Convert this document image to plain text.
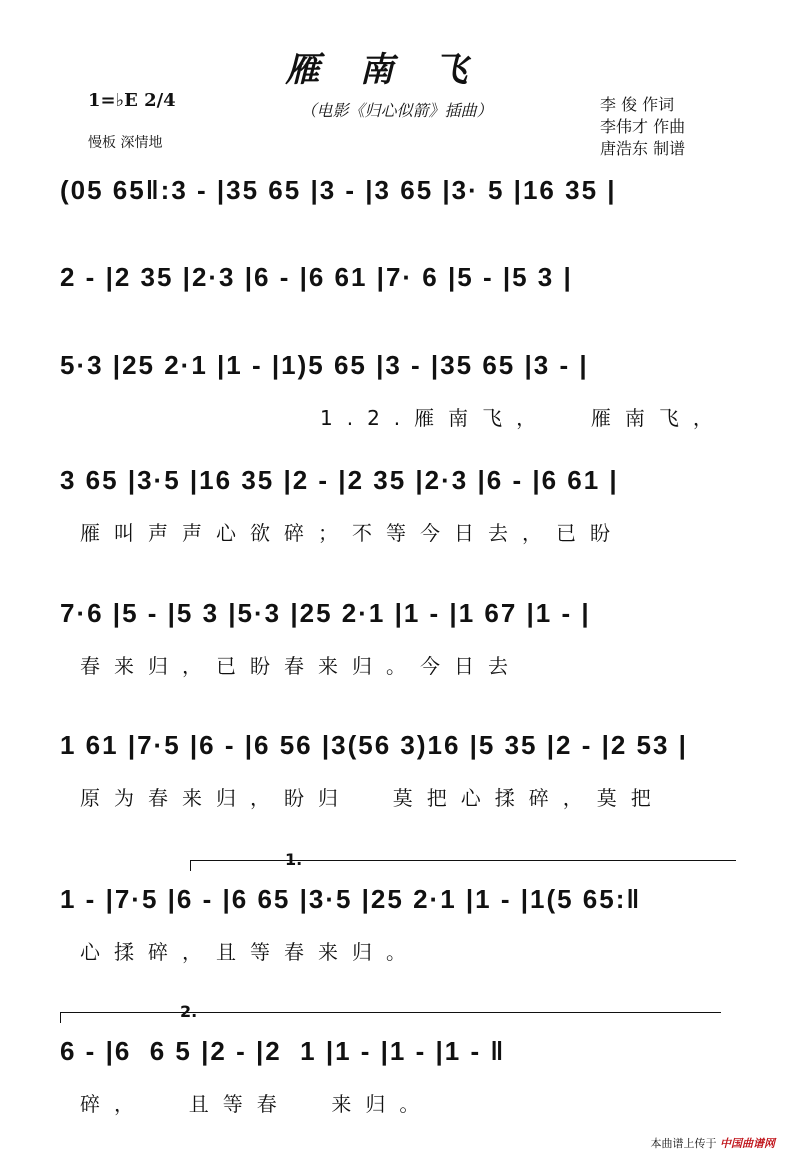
雁南飞
（电影《归心似箭》插曲）
1=♭E 2/4
慢板 深情地
李 俊 作词
李伟才 作曲
唐浩东 制谱
(05 65‖:3 - |35 65 |3 - |3 65 |3· 5 |16 35 |
2 - |2 35 |2·3 |6 - |6 61 |7· 6 |5 - |5 3 |
5·3 |25 2·1 |1 - |1)5 65 |3 - |35 65 |3 - |
1.2.雁南飞，  雁南飞，
3 65 |3·5 |16 35 |2 - |2 35 |2·3 |6 - |6 61 |
雁叫声声心欲碎；不等今日去，已盼
7·6 |5 - |5 3 |5·3 |25 2·1 |1 - |1 67 |1 - |
春来归，已盼春来归。今日去
1 61 |7·5 |6 - |6 56 |3(56 3)16 |5 35 |2 - |2 53 |
原为春来归，盼归  莫把心揉碎，莫把
1.
1 - |7·5 |6 - |6 65 |3·5 |25 2·1 |1 - |1(5 65:‖
心揉碎，且等春来归。
2.
6 - |6  6 5 |2 - |2  1 |1 - |1 - |1 - ‖
碎，  且等春  来归。
本曲谱上传于 中国曲谱网
